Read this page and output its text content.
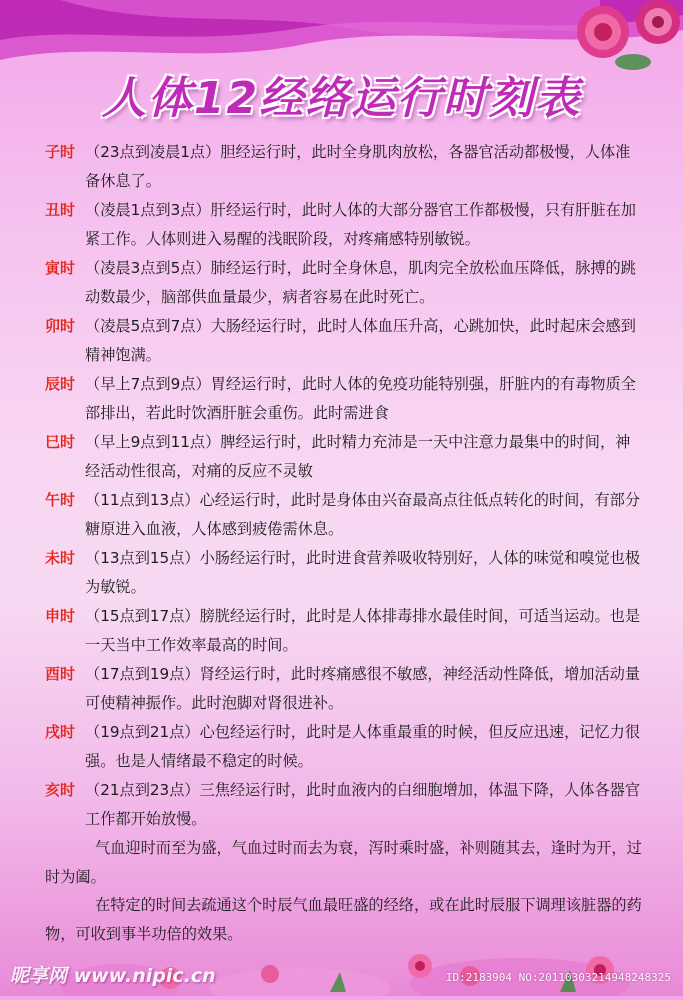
人体12经络运行时刻表
子时 （23点到凌晨1点）胆经运行时，此时全身肌肉放松，各器官活动都极慢，人体准备休息了。
丑时 （凌晨1点到3点）肝经运行时，此时人体的大部分器官工作都极慢，只有肝脏在加紧工作。人体则进入易醒的浅眠阶段，对疼痛感特别敏锐。
寅时 （凌晨3点到5点）肺经运行时，此时全身休息，肌肉完全放松血压降低，脉搏的跳动数最少，脑部供血量最少，病者容易在此时死亡。
卯时 （凌晨5点到7点）大肠经运行时，此时人体血压升高，心跳加快，此时起床会感到精神饱满。
辰时 （早上7点到9点）胃经运行时，此时人体的免疫功能特别强，肝脏内的有毒物质全部排出，若此时饮酒肝脏会重伤。此时需进食
巳时 （早上9点到11点）脾经运行时，此时精力充沛是一天中注意力最集中的时间，神经活动性很高，对痛的反应不灵敏
午时 （11点到13点）心经运行时，此时是身体由兴奋最高点往低点转化的时间，有部分糖原进入血液，人体感到疲倦需休息。
未时 （13点到15点）小肠经运行时，此时进食营养吸收特别好，人体的味觉和嗅觉也极为敏锐。
申时 （15点到17点）膀胱经运行时，此时是人体排毒排水最佳时间，可适当运动。也是一天当中工作效率最高的时间。
酉时 （17点到19点）肾经运行时，此时疼痛感很不敏感，神经活动性降低，增加活动量可使精神振作。此时泡脚对肾很进补。
戌时 （19点到21点）心包经运行时，此时是人体重最重的时候，但反应迅速，记忆力很强。也是人情绪最不稳定的时候。
亥时 （21点到23点）三焦经运行时，此时血液内的白细胞增加，体温下降，人体各器官工作都开始放慢。
气血迎时而至为盛，气血过时而去为衰，泻时乘时盛，补则随其去，逢时为开，过时为阖。
在特定的时间去疏通这个时辰气血最旺盛的经络，或在此时辰服下调理该脏器的药物，可收到事半功倍的效果。
昵享网 www.nipic.cn	ID:2183904 NO:20110303214948248325
